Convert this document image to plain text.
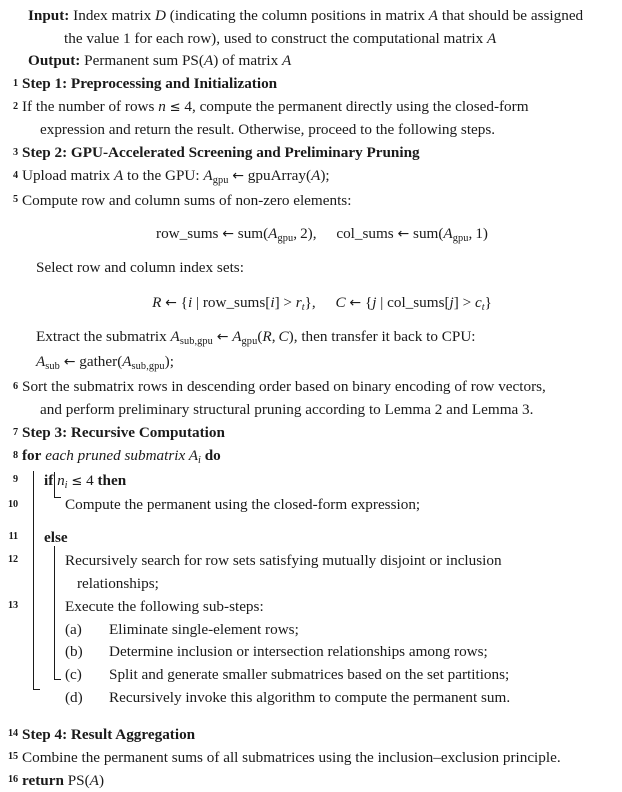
Input: Index matrix D (indicating the column positions in matrix A that should be assigned
the value 1 for each row), used to construct the computational matrix A
Output: Permanent sum PS(A) of matrix A
1 Step 1: Preprocessing and Initialization
2 If the number of rows n ≤ 4, compute the permanent directly using the closed-form
expression and return the result. Otherwise, proceed to the following steps.
3 Step 2: GPU-Accelerated Screening and Preliminary Pruning
4 Upload matrix A to the GPU: $A_{gpu}$ ← gpuArray(A);
5 Compute row and column sums of non-zero elements:
row_sums ← $sum(A_{gpu}$, 2), col_sums ← $sum(A_{gpu}$, 1)
Select row and column index sets:
R ← {i | row_sums[i] > rt}, C ← {j | col_sums[j] > ct}
Extract the submatrix $A_{sub,gpu}$ ← $A_{gpu}(R$, C), then transfer it back to CPU:
$A_{sub}$ ← $gather(A_{sub,gpu})$;
6 Sort the submatrix rows in descending order based on binary encoding of row vectors,
and perform preliminary structural pruning according to Lemma 2 and Lemma 3.
7 Step 3: Recursive Computation
8 for each pruned submatrix Ai do
9	if ni ≤ 4 then
10	Compute the permanent using the closed-form expression;
11	else
12	Recursively search for row sets satisfying mutually disjoint or inclusion
relationships;
13	Execute the following sub-steps:
(a)	Eliminate single-element rows;
(b)	Determine inclusion or intersection relationships among rows;
(c)	Split and generate smaller submatrices based on the set partitions;
(d)	Recursively invoke this algorithm to compute the permanent sum.
14 Step 4: Result Aggregation
15 Combine the permanent sums of all submatrices using the inclusion–exclusion principle.
16 return PS(A)
